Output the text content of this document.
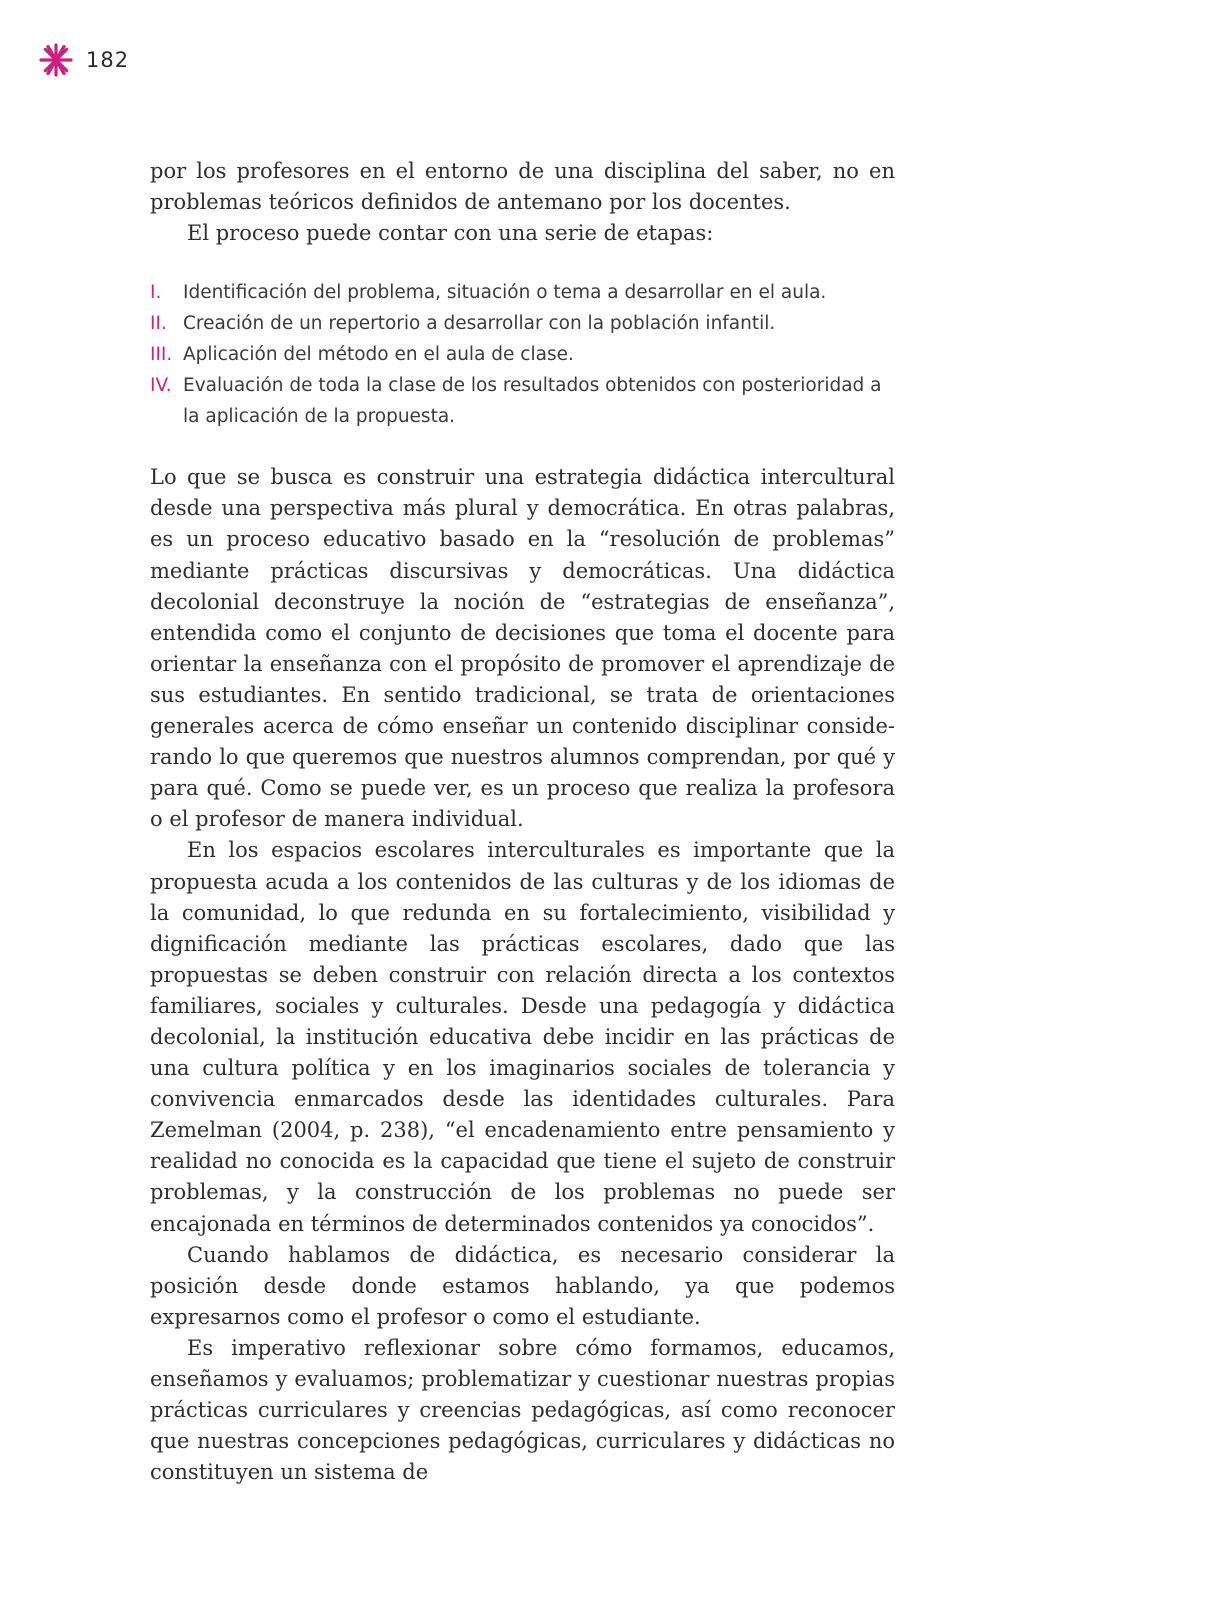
182

por los profesores en el entorno de una disciplina del saber, no en problemas teóricos definidos de antemano por los docentes.

El proceso puede contar con una serie de etapas:

I. Identificación del problema, situación o tema a desarrollar en el aula.
II. Creación de un repertorio a desarrollar con la población infantil.
III. Aplicación del método en el aula de clase.
IV. Evaluación de toda la clase de los resultados obtenidos con posterioridad a la aplicación de la propuesta.

Lo que se busca es construir una estrategia didáctica intercultural desde una perspectiva más plural y democrática. En otras palabras, es un proceso educativo basado en la “resolución de problemas” mediante prácticas discursivas y democráticas. Una didáctica decolonial deconstruye la noción de “estrategias de enseñanza”, entendida como el conjunto de decisiones que toma el docente para orientar la enseñanza con el propósito de promover el aprendizaje de sus estudiantes. En sentido tradicional, se trata de orientaciones generales acerca de cómo enseñar un contenido disciplinar considerando lo que queremos que nuestros alumnos comprendan, por qué y para qué. Como se puede ver, es un proceso que realiza la profesora o el profesor de manera individual.

En los espacios escolares interculturales es importante que la propuesta acuda a los contenidos de las culturas y de los idiomas de la comunidad, lo que redunda en su fortalecimiento, visibilidad y dignificación mediante las prácticas escolares, dado que las propuestas se deben construir con relación directa a los contextos familiares, sociales y culturales. Desde una pedagogía y didáctica decolonial, la institución educativa debe incidir en las prácticas de una cultura política y en los imaginarios sociales de tolerancia y convivencia enmarcados desde las identidades culturales. Para Zemelman (2004, p. 238), “el encadenamiento entre pensamiento y realidad no conocida es la capacidad que tiene el sujeto de construir problemas, y la construcción de los problemas no puede ser encajonada en términos de determinados contenidos ya conocidos”.

Cuando hablamos de didáctica, es necesario considerar la posición desde donde estamos hablando, ya que podemos expresarnos como el profesor o como el estudiante.

Es imperativo reflexionar sobre cómo formamos, educamos, enseñamos y evaluamos; problematizar y cuestionar nuestras propias prácticas curriculares y creencias pedagógicas, así como reconocer que nuestras concepciones pedagógicas, curriculares y didácticas no constituyen un sistema de
